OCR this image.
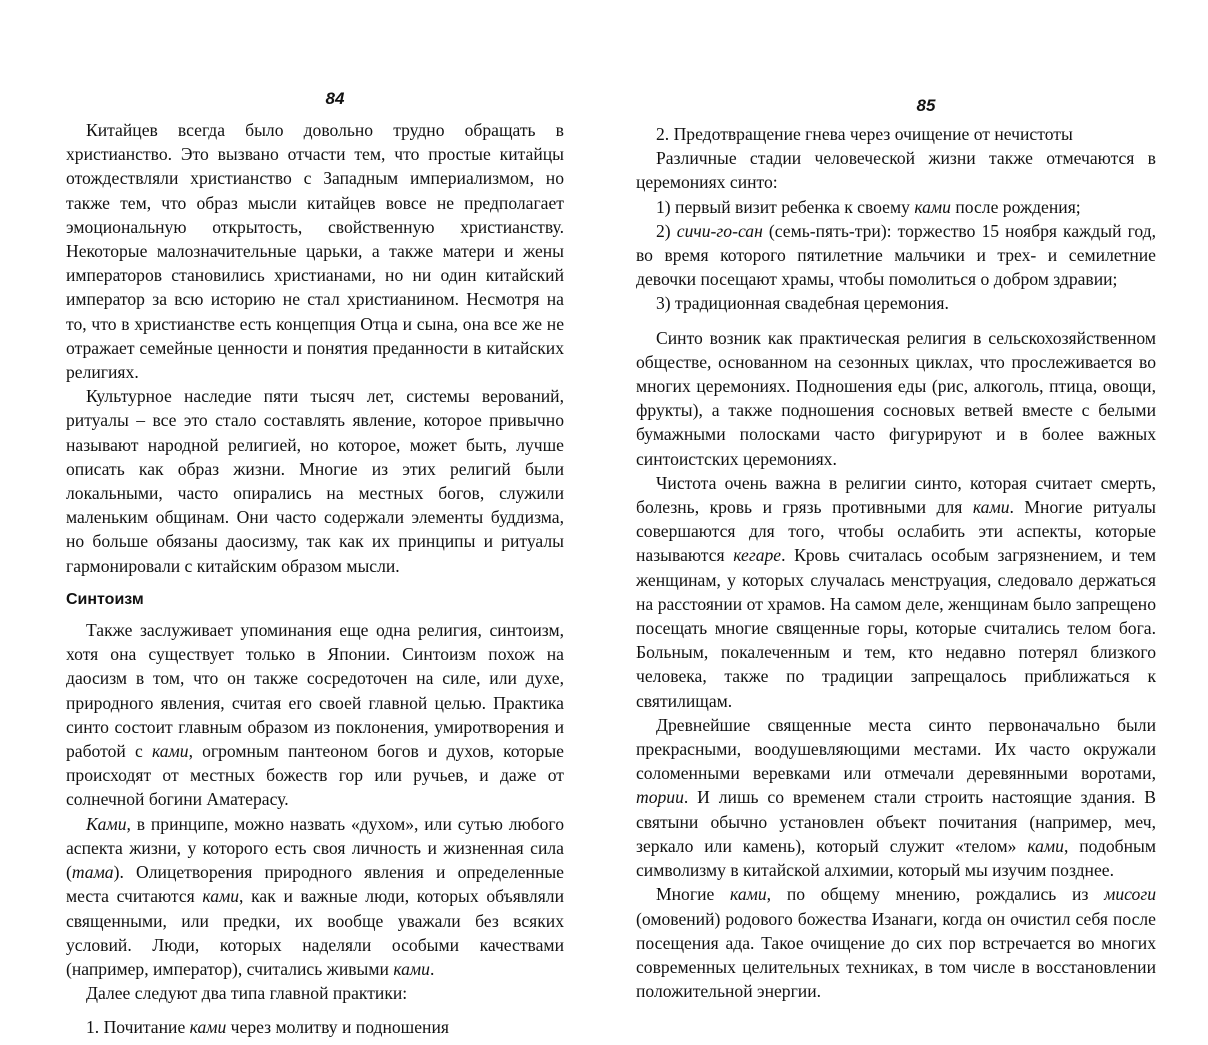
84

Китайцев всегда было довольно трудно обращать в христианство. Это вызвано отчасти тем, что простые китайцы отождествляли христианство с Западным империализмом, но также тем, что образ мысли китайцев вовсе не предполагает эмоциональную открытость, свойственную христианству. Некоторые малозначительные царьки, а также матери и жены императоров становились христианами, но ни один китайский император за всю историю не стал христианином. Несмотря на то, что в христианстве есть концепция Отца и сына, она все же не отражает семейные ценности и понятия преданности в китайских религиях.

Культурное наследие пяти тысяч лет, системы верований, ритуалы – все это стало составлять явление, которое привычно называют народной религией, но которое, может быть, лучше описать как образ жизни. Многие из этих религий были локальными, часто опирались на местных богов, служили маленьким общинам. Они часто содержали элементы буддизма, но больше обязаны даосизму, так как их принципы и ритуалы гармонировали с китайским образом мысли.

Синтоизм

Также заслуживает упоминания еще одна религия, синтоизм, хотя она существует только в Японии. Синтоизм похож на даосизм в том, что он также сосредоточен на силе, или духе, природного явления, считая его своей главной целью. Практика синто состоит главным образом из поклонения, умиротворения и работой с ками, огромным пантеоном богов и духов, которые происходят от местных божеств гор или ручьев, и даже от солнечной богини Аматерасу.

Ками, в принципе, можно назвать «духом», или сутью любого аспекта жизни, у которого есть своя личность и жизненная сила (тама). Олицетворения природного явления и определенные места считаются ками, как и важные люди, которых объявляли священными, или предки, их вообще уважали без всяких условий. Люди, которых наделяли особыми качествами (например, император), считались живыми ками.

Далее следуют два типа главной практики:

1. Почитание ками через молитву и подношения

85

2. Предотвращение гнева через очищение от нечистоты

Различные стадии человеческой жизни также отмечаются в церемониях синто:

1) первый визит ребенка к своему ками после рождения;

2) сичи-го-сан (семь-пять-три): торжество 15 ноября каждый год, во время которого пятилетние мальчики и трех- и семилетние девочки посещают храмы, чтобы помолиться о добром здравии;

3) традиционная свадебная церемония.

Синто возник как практическая религия в сельскохозяйственном обществе, основанном на сезонных циклах, что прослеживается во многих церемониях. Подношения еды (рис, алкоголь, птица, овощи, фрукты), а также подношения сосновых ветвей вместе с белыми бумажными полосками часто фигурируют и в более важных синтоистских церемониях.

Чистота очень важна в религии синто, которая считает смерть, болезнь, кровь и грязь противными для ками. Многие ритуалы совершаются для того, чтобы ослабить эти аспекты, которые называются кегаре. Кровь считалась особым загрязнением, и тем женщинам, у которых случалась менструация, следовало держаться на расстоянии от храмов. На самом деле, женщинам было запрещено посещать многие священные горы, которые считались телом бога. Больным, покалеченным и тем, кто недавно потерял близкого человека, также по традиции запрещалось приближаться к святилищам.

Древнейшие священные места синто первоначально были прекрасными, воодушевляющими местами. Их часто окружали соломенными веревками или отмечали деревянными воротами, тории. И лишь со временем стали строить настоящие здания. В святыни обычно установлен объект почитания (например, меч, зеркало или камень), который служит «телом» ками, подобным символизму в китайской алхимии, который мы изучим позднее.

Многие ками, по общему мнению, рождались из мисоги (омовений) родового божества Изанаги, когда он очистил себя после посещения ада. Такое очищение до сих пор встречается во многих современных целительных техниках, в том числе в восстановлении положительной энергии.
